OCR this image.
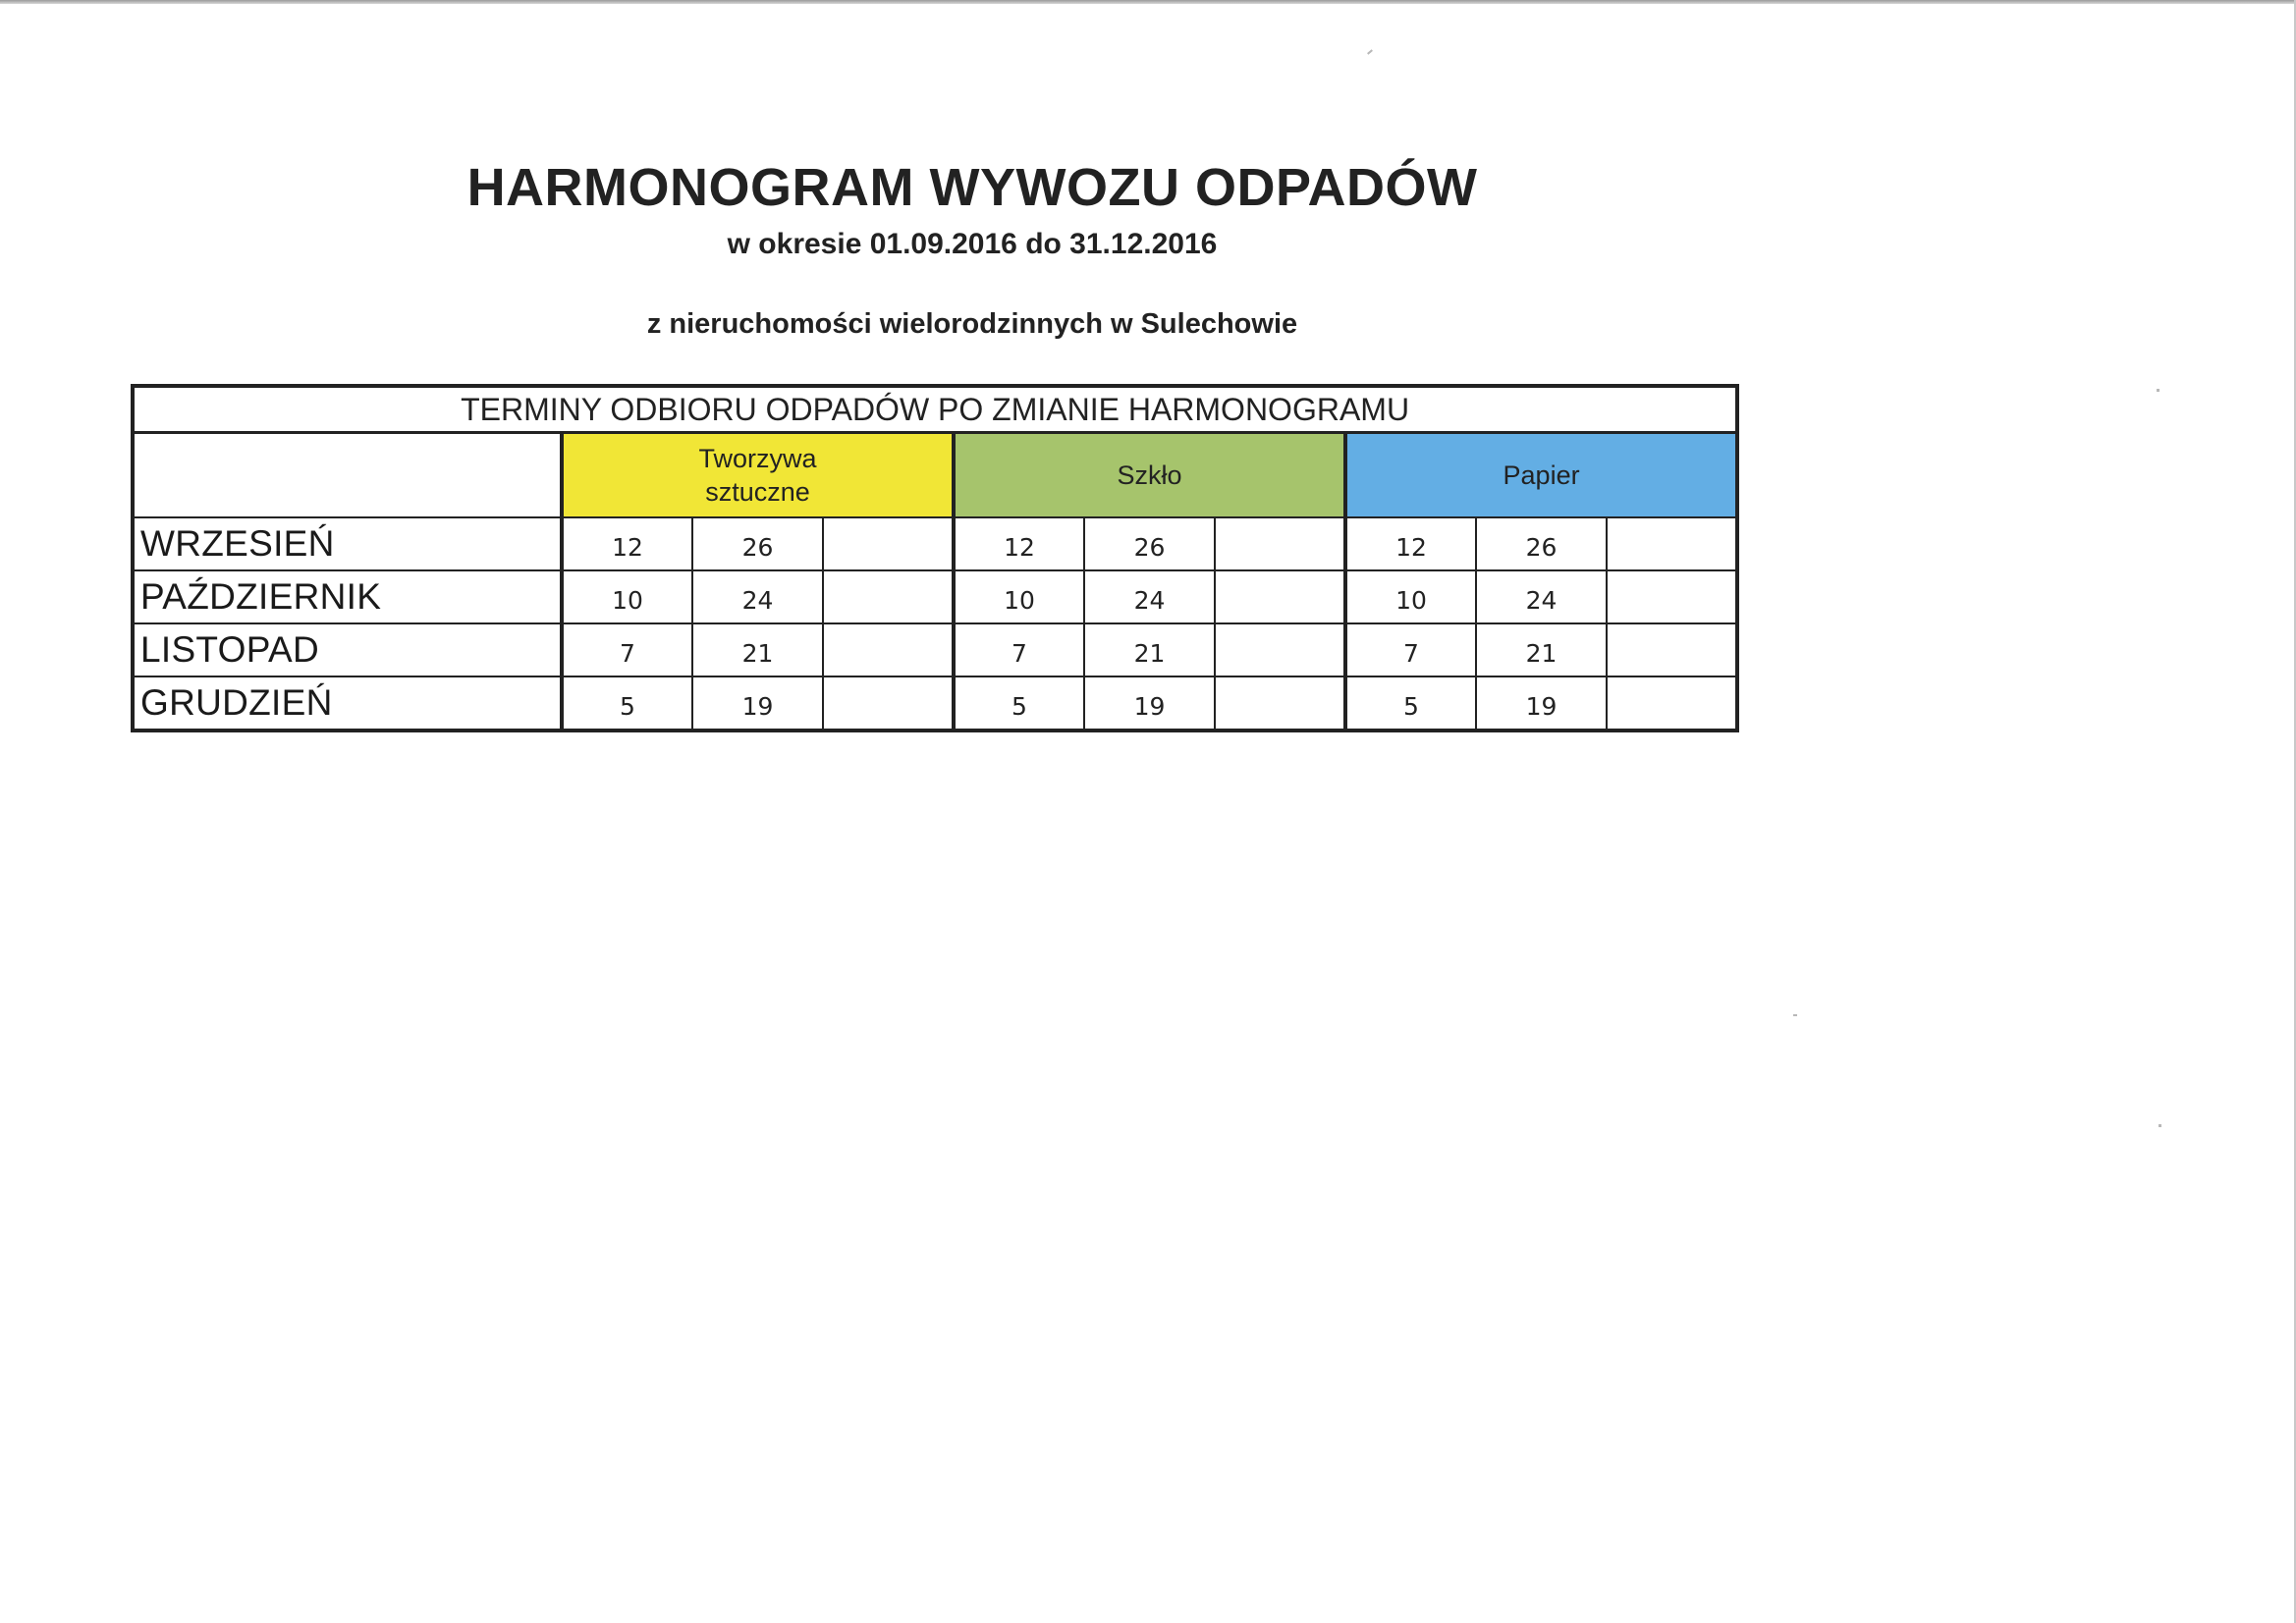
HARMONOGRAM WYWOZU ODPADÓW
w okresie 01.09.2016 do 31.12.2016
z nieruchomości wielorodzinnych w Sulechowie
TERMINY ODBIORU ODPADÓW PO ZMIANIE HARMONOGRAMU									

	Tworzywa
sztuczne			Szkło			Papier		

WRZESIEŃ	12	26		12	26		12	26	
PAŹDZIERNIK	10	24		10	24		10	24	
LISTOPAD	7	21		7	21		7	21	
GRUDZIEŃ	5	19		5	19		5	19	
